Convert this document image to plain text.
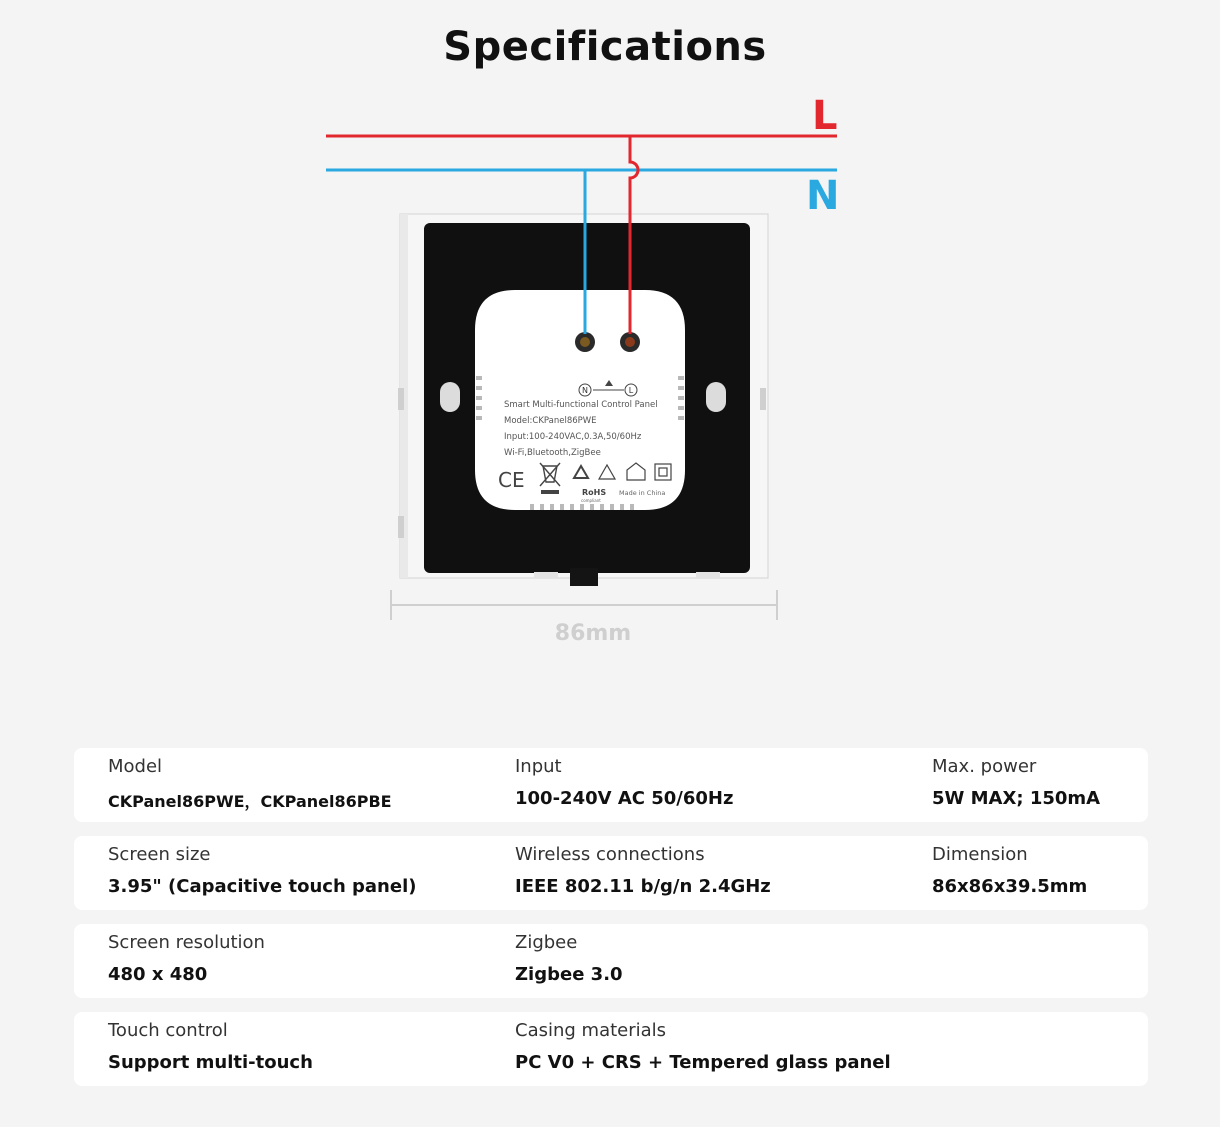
Specifications
N	L
Smart Multi-functional Control Panel
Model:CKPanel86PWE
Input:100-240VAC,0.3A,50/60Hz
Wi-Fi,Bluetooth,ZigBee
CE
RoHS
compliant
Made in China
L
N
86mm
Model
CKPanel86PWE，CKPanel86PBE
Input
100-240V AC 50/60Hz
Max. power
5W MAX; 150mA
Screen size
3.95" (Capacitive touch panel)
Wireless connections
IEEE 802.11 b/g/n 2.4GHz
Dimension
86x86x39.5mm
Screen resolution
480 x 480
Zigbee
Zigbee 3.0
Touch control
Support multi-touch
Casing materials
PC V0 + CRS + Tempered glass panel
